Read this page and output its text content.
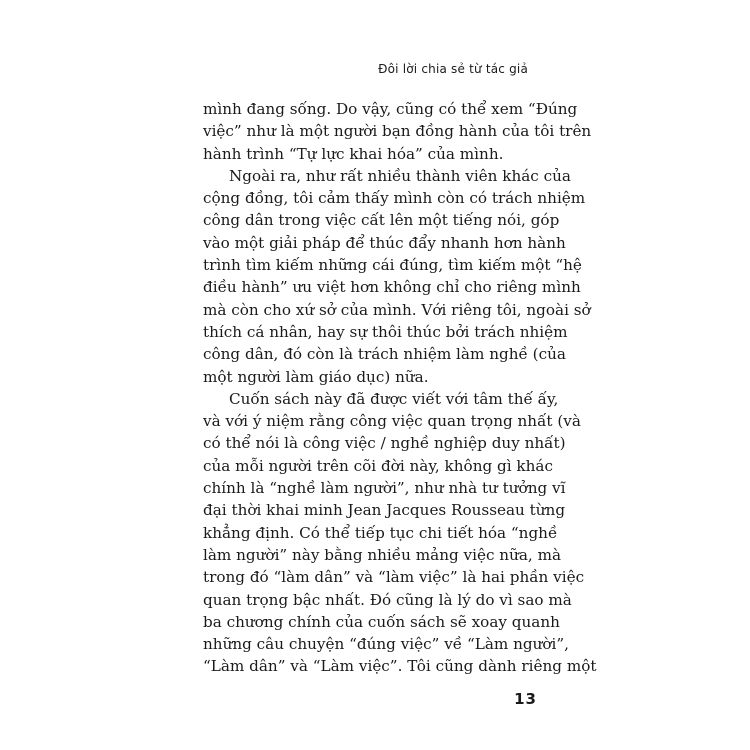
Đôi lời chia sẻ từ tác giả
mình đang sống. Do vậy, cũng có thể xem “Đúng
việc” như là một người bạn đồng hành của tôi trên
hành trình “Tự lực khai hóa” của mình.
Ngoài ra, như rất nhiều thành viên khác của
cộng đồng, tôi cảm thấy mình còn có trách nhiệm
công dân trong việc cất lên một tiếng nói, góp
vào một giải pháp để thúc đẩy nhanh hơn hành
trình tìm kiếm những cái đúng, tìm kiếm một “hệ
điều hành” ưu việt hơn không chỉ cho riêng mình
mà còn cho xứ sở của mình. Với riêng tôi, ngoài sở
thích cá nhân, hay sự thôi thúc bởi trách nhiệm
công dân, đó còn là trách nhiệm làm nghề (của
một người làm giáo dục) nữa.
Cuốn sách này đã được viết với tâm thế ấy,
và với ý niệm rằng công việc quan trọng nhất (và
có thể nói là công việc / nghề nghiệp duy nhất)
của mỗi người trên cõi đời này, không gì khác
chính là “nghề làm người”, như nhà tư tưởng vĩ
đại thời khai minh Jean Jacques Rousseau từng
khẳng định. Có thể tiếp tục chi tiết hóa “nghề
làm người” này bằng nhiều mảng việc nữa, mà
trong đó “làm dân” và “làm việc” là hai phần việc
quan trọng bậc nhất. Đó cũng là lý do vì sao mà
ba chương chính của cuốn sách sẽ xoay quanh
những câu chuyện “đúng việc” về “Làm người”,
“Làm dân” và “Làm việc”. Tôi cũng dành riêng một
13
